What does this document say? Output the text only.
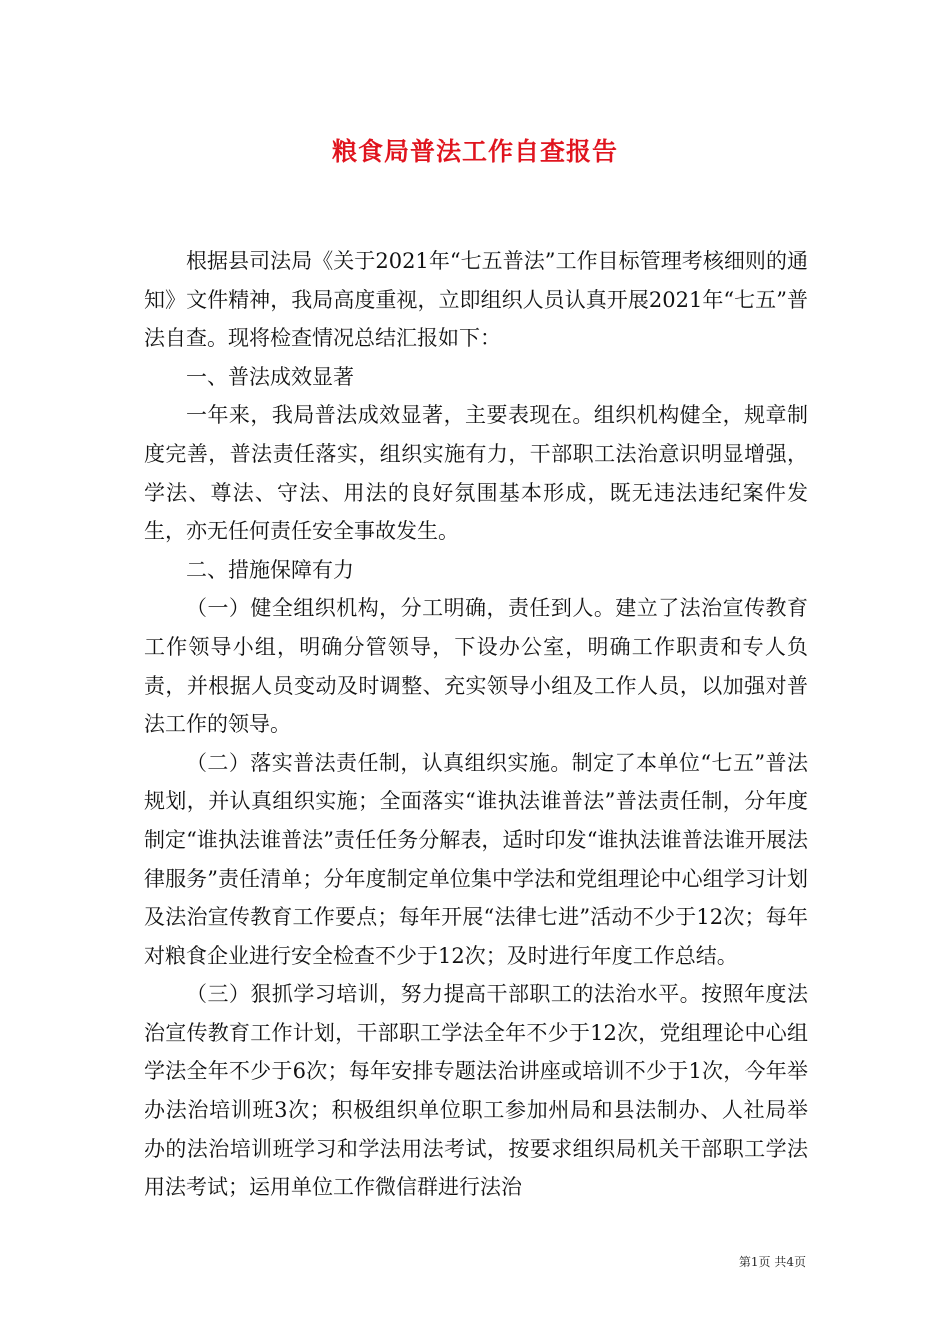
粮食局普法工作自查报告

根据县司法局《关于2021年“七五普法”工作目标管理考核细则的通知》文件精神，我局高度重视，立即组织人员认真开展2021年“七五”普法自查。现将检查情况总结汇报如下：

一、普法成效显著

一年来，我局普法成效显著，主要表现在。组织机构健全，规章制度完善，普法责任落实，组织实施有力，干部职工法治意识明显增强，学法、尊法、守法、用法的良好氛围基本形成，既无违法违纪案件发生，亦无任何责任安全事故发生。

二、措施保障有力

（一）健全组织机构，分工明确，责任到人。建立了法治宣传教育工作领导小组，明确分管领导，下设办公室，明确工作职责和专人负责，并根据人员变动及时调整、充实领导小组及工作人员，以加强对普法工作的领导。

（二）落实普法责任制，认真组织实施。制定了本单位“七五”普法规划，并认真组织实施；全面落实“谁执法谁普法”普法责任制，分年度制定“谁执法谁普法”责任任务分解表，适时印发“谁执法谁普法谁开展法律服务”责任清单；分年度制定单位集中学法和党组理论中心组学习计划及法治宣传教育工作要点；每年开展“法律七进”活动不少于12次；每年对粮食企业进行安全检查不少于12次；及时进行年度工作总结。

（三）狠抓学习培训，努力提高干部职工的法治水平。按照年度法治宣传教育工作计划，干部职工学法全年不少于12次，党组理论中心组学法全年不少于6次；每年安排专题法治讲座或培训不少于1次，今年举办法治培训班3次；积极组织单位职工参加州局和县法制办、人社局举办的法治培训班学习和学法用法考试，按要求组织局机关干部职工学法用法考试；运用单位工作微信群进行法治

第1页 共4页
